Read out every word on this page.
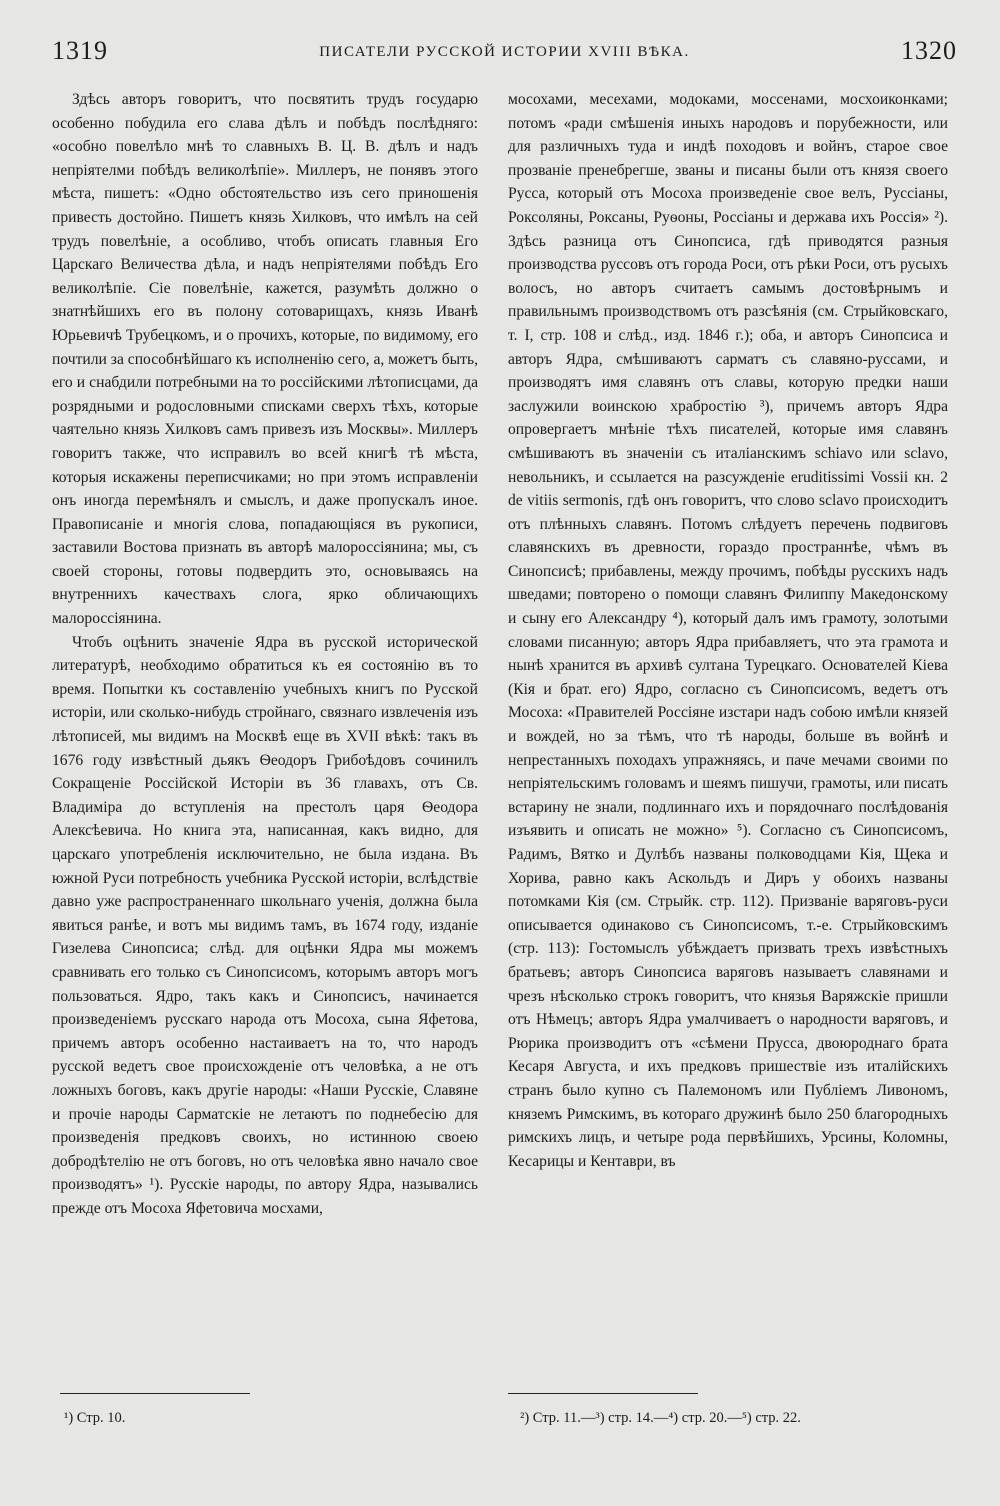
1319	ПИСАТЕЛИ РУССКОЙ ИСТОРИИ XVIII ВѢКА.	1320

Здѣсь авторъ говоритъ, что посвятить трудъ государю особенно побудила его слава дѣлъ и побѣдъ послѣдняго: «особно повелѣло мнѣ то славныхъ В. Ц. В. дѣлъ и надъ непріятелми побѣдъ великолѣпіе». Миллеръ, не понявъ этого мѣста, пишетъ: «Одно обстоятельство изъ сего приношенія привесть достойно. Пишетъ князь Хилковъ, что имѣлъ на сей трудъ повелѣніе, а особливо, чтобъ описать главныя Его Царскаго Величества дѣла, и надъ непріятелями побѣдъ Его великолѣпіе. Сіе повелѣніе, кажется, разумѣть должно о знатнѣйшихъ его въ полону сотоварищахъ, князь Иванѣ Юрьевичѣ Трубецкомъ, и о прочихъ, которые, по видимому, его почтили за способнѣйшаго къ исполненію сего, а, можетъ быть, его и снабдили потребными на то россійскими лѣтописцами, да розрядными и родословными списками сверхъ тѣхъ, которые чаятельно князь Хилковъ самъ привезъ изъ Москвы». Миллеръ говоритъ также, что исправилъ во всей книгѣ тѣ мѣста, которыя искажены переписчиками; но при этомъ исправленіи онъ иногда перемѣнялъ и смыслъ, и даже пропускалъ иное. Правописаніе и многія слова, попадающіяся въ рукописи, заставили Востова признать въ авторѣ малороссіянина; мы, съ своей стороны, готовы подвердить это, основываясь на внутреннихъ качествахъ слога, ярко обличающихъ малороссіянина.

Чтобъ оцѣнить значеніе Ядра въ русской исторической литературѣ, необходимо обратиться къ ея состоянію въ то время. Попытки къ составленію учебныхъ книгъ по Русской исторіи, или сколько-нибудь стройнаго, связнаго извлеченія изъ лѣтописей, мы видимъ на Москвѣ еще въ XVII вѣкѣ: такъ въ 1676 году извѣстный дьякъ Ѳеодоръ Грибоѣдовъ сочинилъ Сокращеніе Россійской Исторіи въ 36 главахъ, отъ Св. Владиміра до вступленія на престолъ царя Ѳеодора Алексѣевича. Но книга эта, написанная, какъ видно, для царскаго употребленія исключительно, не была издана. Въ южной Руси потребность учебника Русской исторіи, вслѣдствіе давно уже распространеннаго школьнаго ученія, должна была явиться ранѣе, и вотъ мы видимъ тамъ, въ 1674 году, изданіе Гизелева Синопсиса; слѣд. для оцѣнки Ядра мы можемъ сравнивать его только съ Синопсисомъ, которымъ авторъ могъ пользоваться. Ядро, такъ какъ и Синопсисъ, начинается произведеніемъ русскаго народа отъ Мосоха, сына Яфетова, причемъ авторъ особенно настаиваетъ на то, что народъ русской ведетъ свое происхожденіе отъ человѣка, а не отъ ложныхъ боговъ, какъ другіе народы: «Наши Русскіе, Славяне и прочіе народы Сарматскіе не летаютъ по поднебесію для произведенія предковъ своихъ, но истинною своею добродѣтелію не отъ боговъ, но отъ человѣка явно начало свое производятъ» ¹). Русскіе народы, по автору Ядра, назывались прежде отъ Мосоха Яфетовича мосхами,

мосохами, месехами, модоками, моссенами, мосхоиконками; потомъ «ради смѣшенія иныхъ народовъ и порубежности, или для различныхъ туда и индѣ походовъ и войнъ, старое свое прозваніе пренебрегше, званы и писаны были отъ князя своего Русса, который отъ Мосоха произведеніе свое велъ, Руссіаны, Роксоляны, Роксаны, Руѳоны, Россіаны и держава ихъ Россія» ²). Здѣсь разница отъ Синопсиса, гдѣ приводятся разныя производства руссовъ отъ города Роси, отъ рѣки Роси, отъ русыхъ волосъ, но авторъ считаетъ самымъ достовѣрнымъ и правильнымъ производствомъ отъ разсѣянія (см. Стрыйковскаго, т. I, стр. 108 и слѣд., изд. 1846 г.); оба, и авторъ Синопсиса и авторъ Ядра, смѣшиваютъ сарматъ съ славяно-руссами, и производятъ имя славянъ отъ славы, которую предки наши заслужили воинскою храбростію ³), причемъ авторъ Ядра опровергаетъ мнѣніе тѣхъ писателей, которые имя славянъ смѣшиваютъ въ значеніи съ италіанскимъ schiavo или sclavo, невольникъ, и ссылается на разсужденіе eruditissimi Vossii кн. 2 de vitiis sermonis, гдѣ онъ говоритъ, что слово sclavo происходитъ отъ плѣнныхъ славянъ. Потомъ слѣдуетъ перечень подвиговъ славянскихъ въ древности, гораздо пространнѣе, чѣмъ въ Синопсисѣ; прибавлены, между прочимъ, побѣды русскихъ надъ шведами; повторено о помощи славянъ Филиппу Македонскому и сыну его Александру ⁴), который далъ имъ грамоту, золотыми словами писанную; авторъ Ядра прибавляетъ, что эта грамота и нынѣ хранится въ архивѣ султана Турецкаго. Основателей Кіева (Кія и брат. его) Ядро, согласно съ Синопсисомъ, ведетъ отъ Мосоха: «Правителей Россіяне изстари надъ собою имѣли князей и вождей, но за тѣмъ, что тѣ народы, больше въ войнѣ и непрестанныхъ походахъ упражняясь, и паче мечами своими по непріятельскимъ головамъ и шеямъ пишучи, грамоты, или писать встарину не знали, подлиннаго ихъ и порядочнаго послѣдованія изъявить и описать не можно» ⁵). Согласно съ Синопсисомъ, Радимъ, Вятко и Дулѣбъ названы полководцами Кія, Щека и Хорива, равно какъ Аскольдъ и Диръ у обоихъ названы потомками Кія (см. Стрыйк. стр. 112). Призваніе варяговъ-руси описывается одинаково съ Синопсисомъ, т.-е. Стрыйковскимъ (стр. 113): Гостомыслъ убѣждаетъ призвать трехъ извѣстныхъ братьевъ; авторъ Синопсиса варяговъ называетъ славянами и чрезъ нѣсколько строкъ говоритъ, что князья Варяжскіе пришли отъ Нѣмецъ; авторъ Ядра умалчиваетъ о народности варяговъ, и Рюрика производитъ отъ «сѣмени Прусса, двоюроднаго брата Кесаря Августа, и ихъ предковъ пришествіе изъ италійскихъ странъ было купно съ Палемономъ или Публіемъ Ливономъ, княземъ Римскимъ, въ котораго дружинѣ было 250 благородныхъ римскихъ лицъ, и четыре рода первѣйшихъ, Урсины, Коломны, Кесарицы и Кентаври, въ

¹) Стр. 10.	²) Стр. 11.—³) стр. 14.—⁴) стр. 20.—⁵) стр. 22.
